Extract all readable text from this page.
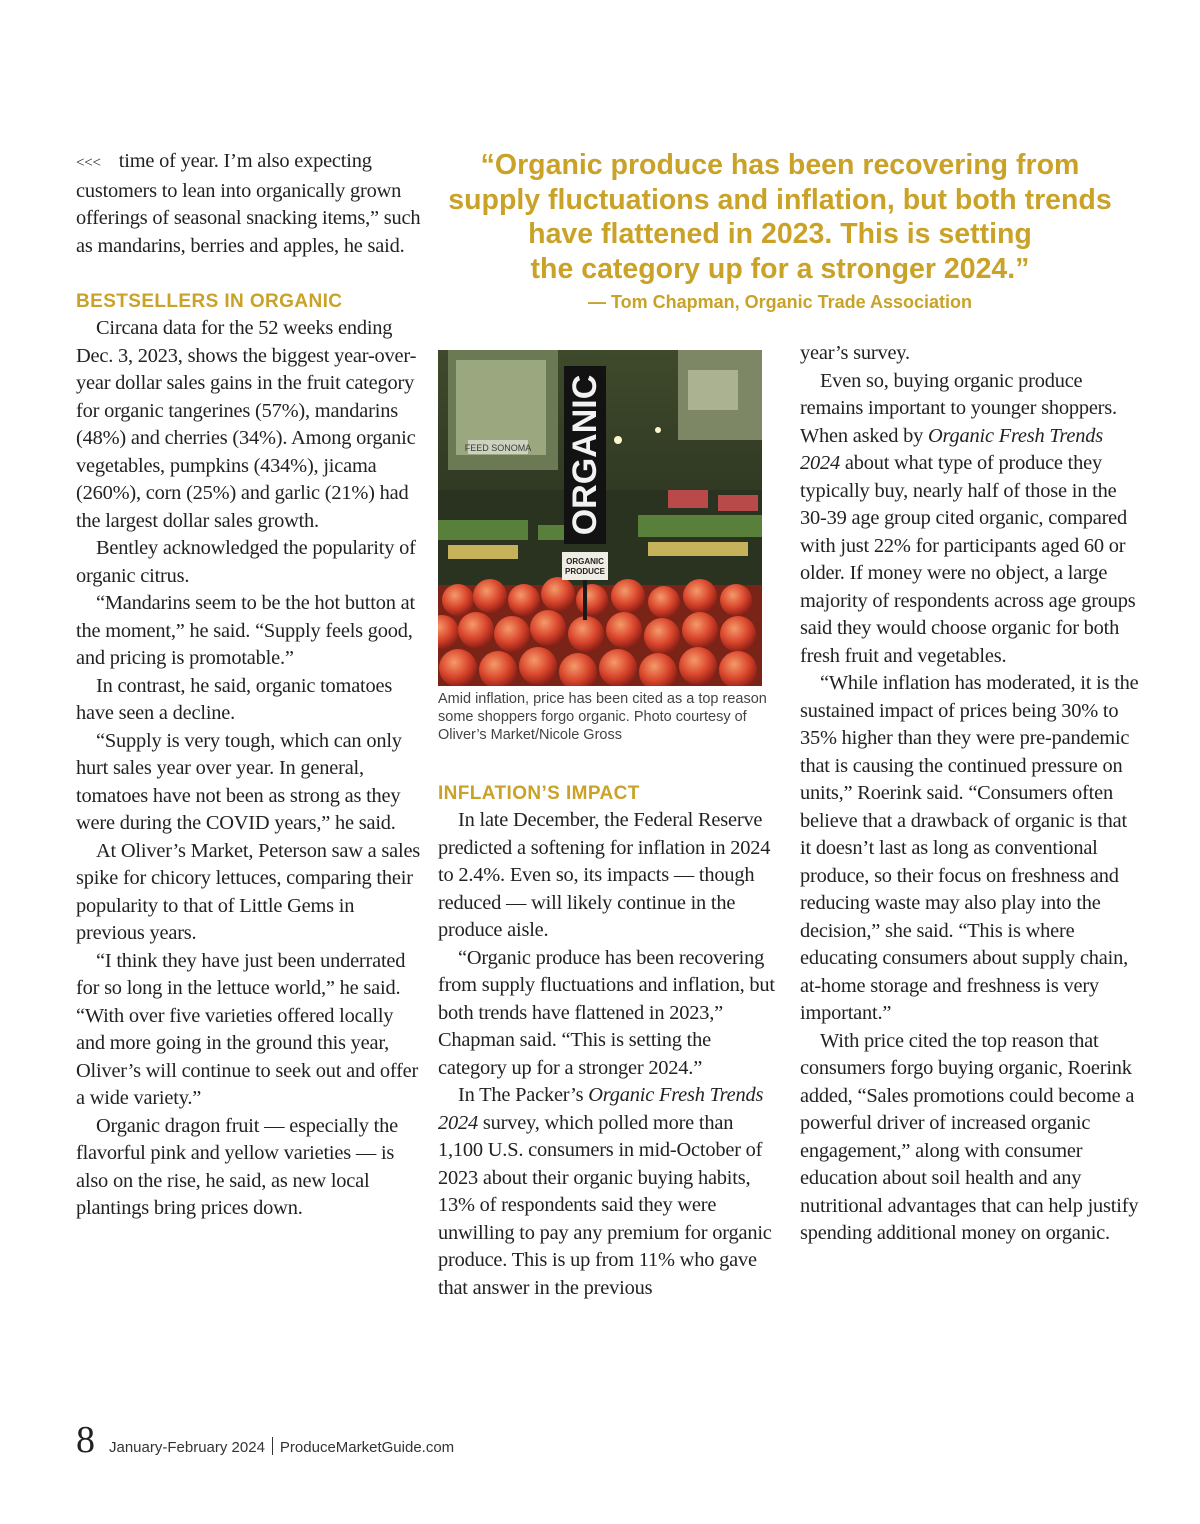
“Organic produce has been recovering from
supply fluctuations and inflation, but both trends
have flattened in 2023. This is setting
the category up for a stronger 2024.”
— Tom Chapman, Organic Trade Association

<<< time of year. I’m also expecting customers to lean into organically grown offerings of seasonal snacking items,” such as mandarins, berries and apples, he said.

BESTSELLERS IN ORGANIC

Circana data for the 52 weeks ending Dec. 3, 2023, shows the biggest year-over-year dollar sales gains in the fruit category for organic tangerines (57%), mandarins (48%) and cherries (34%). Among organic vegetables, pumpkins (434%), jicama (260%), corn (25%) and garlic (21%) had the largest dollar sales growth.

Bentley acknowledged the popularity of organic citrus.

“Mandarins seem to be the hot button at the moment,” he said. “Supply feels good, and pricing is promotable.”

In contrast, he said, organic tomatoes have seen a decline.

“Supply is very tough, which can only hurt sales year over year. In general, tomatoes have not been as strong as they were during the COVID years,” he said.

At Oliver’s Market, Peterson saw a sales spike for chicory lettuces, comparing their popularity to that of Little Gems in previous years.

“I think they have just been underrated for so long in the lettuce world,” he said. “With over five varieties offered locally and more going in the ground this year, Oliver’s will continue to seek out and offer a wide variety.”

Organic dragon fruit — especially the flavorful pink and yellow varieties — is also on the rise, he said, as new local plantings bring prices down.

FEED SONOMA ORGANIC
ORGANIC
PRODUCE
Amid inflation, price has been cited as a top reason some shoppers forgo organic. Photo courtesy of Oliver’s Market/Nicole Gross
INFLATION’S IMPACT

In late December, the Federal Reserve predicted a softening for inflation in 2024 to 2.4%. Even so, its impacts — though reduced — will likely continue in the produce aisle.

“Organic produce has been recovering from supply fluctuations and inflation, but both trends have flattened in 2023,” Chapman said. “This is setting the category up for a stronger 2024.”

In The Packer’s Organic Fresh Trends 2024 survey, which polled more than 1,100 U.S. consumers in mid-October of 2023 about their organic buying habits, 13% of respondents said they were unwilling to pay any premium for organic produce. This is up from 11% who gave that answer in the previous

year’s survey.

Even so, buying organic produce remains important to younger shoppers. When asked by Organic Fresh Trends 2024 about what type of produce they typically buy, nearly half of those in the 30-39 age group cited organic, compared with just 22% for participants aged 60 or older. If money were no object, a large majority of respondents across age groups said they would choose organic for both fresh fruit and vegetables.

“While inflation has moderated, it is the sustained impact of prices being 30% to 35% higher than they were pre-pandemic that is causing the continued pressure on units,” Roerink said. “Consumers often believe that a drawback of organic is that it doesn’t last as long as conventional produce, so their focus on freshness and reducing waste may also play into the decision,” she said. “This is where educating consumers about supply chain, at-home storage and freshness is very important.”

With price cited the top reason that consumers forgo buying organic, Roerink added, “Sales promotions could become a powerful driver of increased organic engagement,” along with consumer education about soil health and any nutritional advantages that can help justify spending additional money on organic.

8 January-February 2024 ProduceMarketGuide.com
